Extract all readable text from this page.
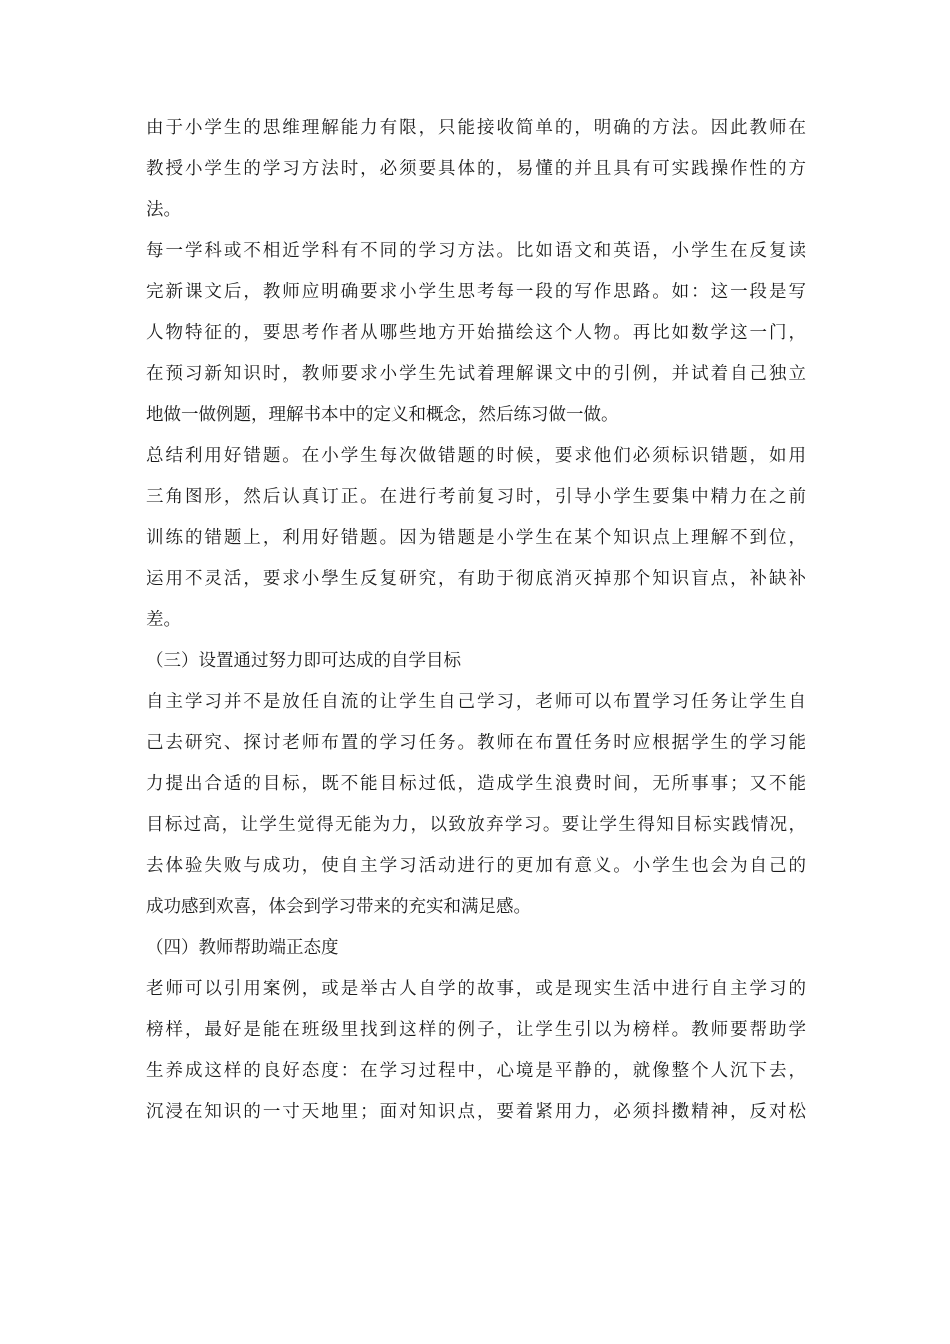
由于小学生的思维理解能力有限，只能接收简单的，明确的方法。因此教师在
教授小学生的学习方法时，必须要具体的，易懂的并且具有可实践操作性的方
法。
每一学科或不相近学科有不同的学习方法。比如语文和英语，小学生在反复读
完新课文后，教师应明确要求小学生思考每一段的写作思路。如：这一段是写
人物特征的，要思考作者从哪些地方开始描绘这个人物。再比如数学这一门，
在预习新知识时，教师要求小学生先试着理解课文中的引例，并试着自己独立
地做一做例题，理解书本中的定义和概念，然后练习做一做。
总结利用好错题。在小学生每次做错题的时候，要求他们必须标识错题，如用
三角图形，然后认真订正。在进行考前复习时，引导小学生要集中精力在之前
训练的错题上，利用好错题。因为错题是小学生在某个知识点上理解不到位，
运用不灵活，要求小學生反复研究，有助于彻底消灭掉那个知识盲点，补缺补
差。
（三）设置通过努力即可达成的自学目标
自主学习并不是放任自流的让学生自己学习，老师可以布置学习任务让学生自
己去研究、探讨老师布置的学习任务。教师在布置任务时应根据学生的学习能
力提出合适的目标，既不能目标过低，造成学生浪费时间，无所事事；又不能
目标过高，让学生觉得无能为力，以致放弃学习。要让学生得知目标实践情况，
去体验失败与成功，使自主学习活动进行的更加有意义。小学生也会为自己的
成功感到欢喜，体会到学习带来的充实和满足感。
（四）教师帮助端正态度
老师可以引用案例，或是举古人自学的故事，或是现实生活中进行自主学习的
榜样，最好是能在班级里找到这样的例子，让学生引以为榜样。教师要帮助学
生养成这样的良好态度：在学习过程中，心境是平静的，就像整个人沉下去，
沉浸在知识的一寸天地里；面对知识点，要着紧用力，必须抖擞精神，反对松
